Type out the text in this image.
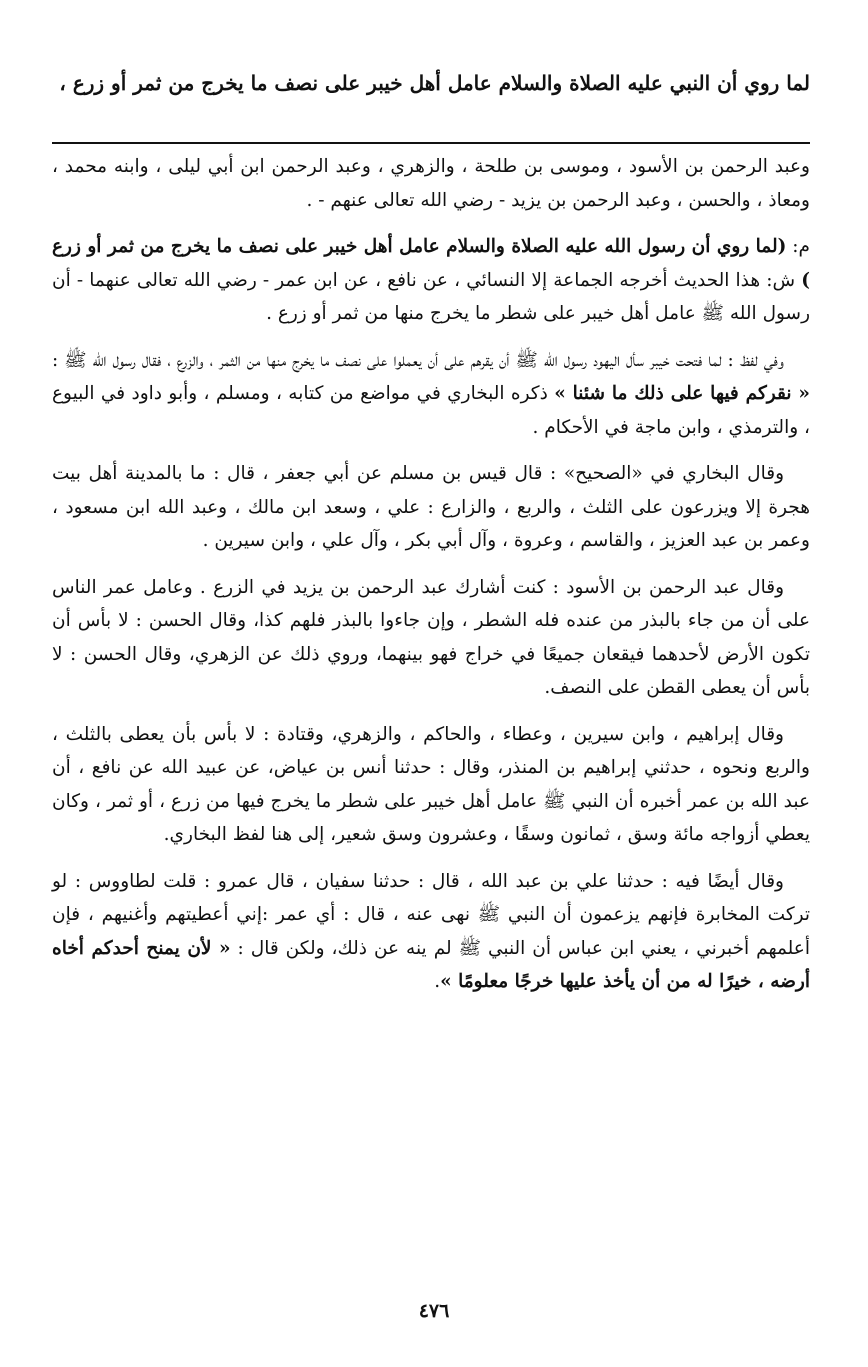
لما روي أن النبي عليه الصلاة والسلام عامل أهل خيبر على نصف ما يخرج من ثمر أو زرع ،

وعبد الرحمن بن الأسود ، وموسى بن طلحة ، والزهري ، وعبد الرحمن ابن أبي ليلى ، وابنه محمد ، ومعاذ ، والحسن ، وعبد الرحمن بن يزيد - رضي الله تعالى عنهم - .

م: (لما روي أن رسول الله عليه الصلاة والسلام عامل أهل خيبر على نصف ما يخرج من ثمر أو زرع ) ش: هذا الحديث أخرجه الجماعة إلا النسائي ، عن نافع ، عن ابن عمر - رضي الله تعالى عنهما - أن رسول الله ﷺ عامل أهل خيبر على شطر ما يخرج منها من ثمر أو زرع .

وفي لفظ : لما فتحت خيبر سأل اليهود رسول الله ﷺ أن يقرهم على أن يعملوا على نصف ما يخرج منها من الثمر ، والزرع ، فقال رسول الله ﷺ : « نقركم فيها على ذلك ما شئنا » ذكره البخاري في مواضع من كتابه ، ومسلم ، وأبو داود في البيوع ، والترمذي ، وابن ماجة في الأحكام .

وقال البخاري في «الصحيح» : قال قيس بن مسلم عن أبي جعفر ، قال : ما بالمدينة أهل بيت هجرة إلا ويزرعون على الثلث ، والربع ، والزارع : علي ، وسعد ابن مالك ، وعبد الله ابن مسعود ، وعمر بن عبد العزيز ، والقاسم ، وعروة ، وآل أبي بكر ، وآل علي ، وابن سيرين .

وقال عبد الرحمن بن الأسود : كنت أشارك عبد الرحمن بن يزيد في الزرع . وعامل عمر الناس على أن من جاء بالبذر من عنده فله الشطر ، وإن جاءوا بالبذر فلهم كذا، وقال الحسن : لا بأس أن تكون الأرض لأحدهما فيقعان جميعًا في خراج فهو بينهما، وروي ذلك عن الزهري، وقال الحسن : لا بأس أن يعطى القطن على النصف.

وقال إبراهيم ، وابن سيرين ، وعطاء ، والحاكم ، والزهري، وقتادة : لا بأس بأن يعطى بالثلث ، والربع ونحوه ، حدثني إبراهيم بن المنذر، وقال : حدثنا أنس بن عياض، عن عبيد الله عن نافع ، أن عبد الله بن عمر أخبره أن النبي ﷺ عامل أهل خيبر على شطر ما يخرج فيها من زرع ، أو ثمر ، وكان يعطي أزواجه مائة وسق ، ثمانون وسقًا ، وعشرون وسق شعير، إلى هنا لفظ البخاري.

وقال أيضًا فيه : حدثنا علي بن عبد الله ، قال : حدثنا سفيان ، قال عمرو : قلت لطاووس : لو تركت المخابرة فإنهم يزعمون أن النبي ﷺ نهى عنه ، قال : أي عمر :إني أعطيتهم وأغنيهم ، فإن أعلمهم أخبرني ، يعني ابن عباس أن النبي ﷺ لم ينه عن ذلك، ولكن قال : « لأن يمنح أحدكم أخاه أرضه ، خيرًا له من أن يأخذ عليها خرجًا معلومًا ».

٤٧٦
